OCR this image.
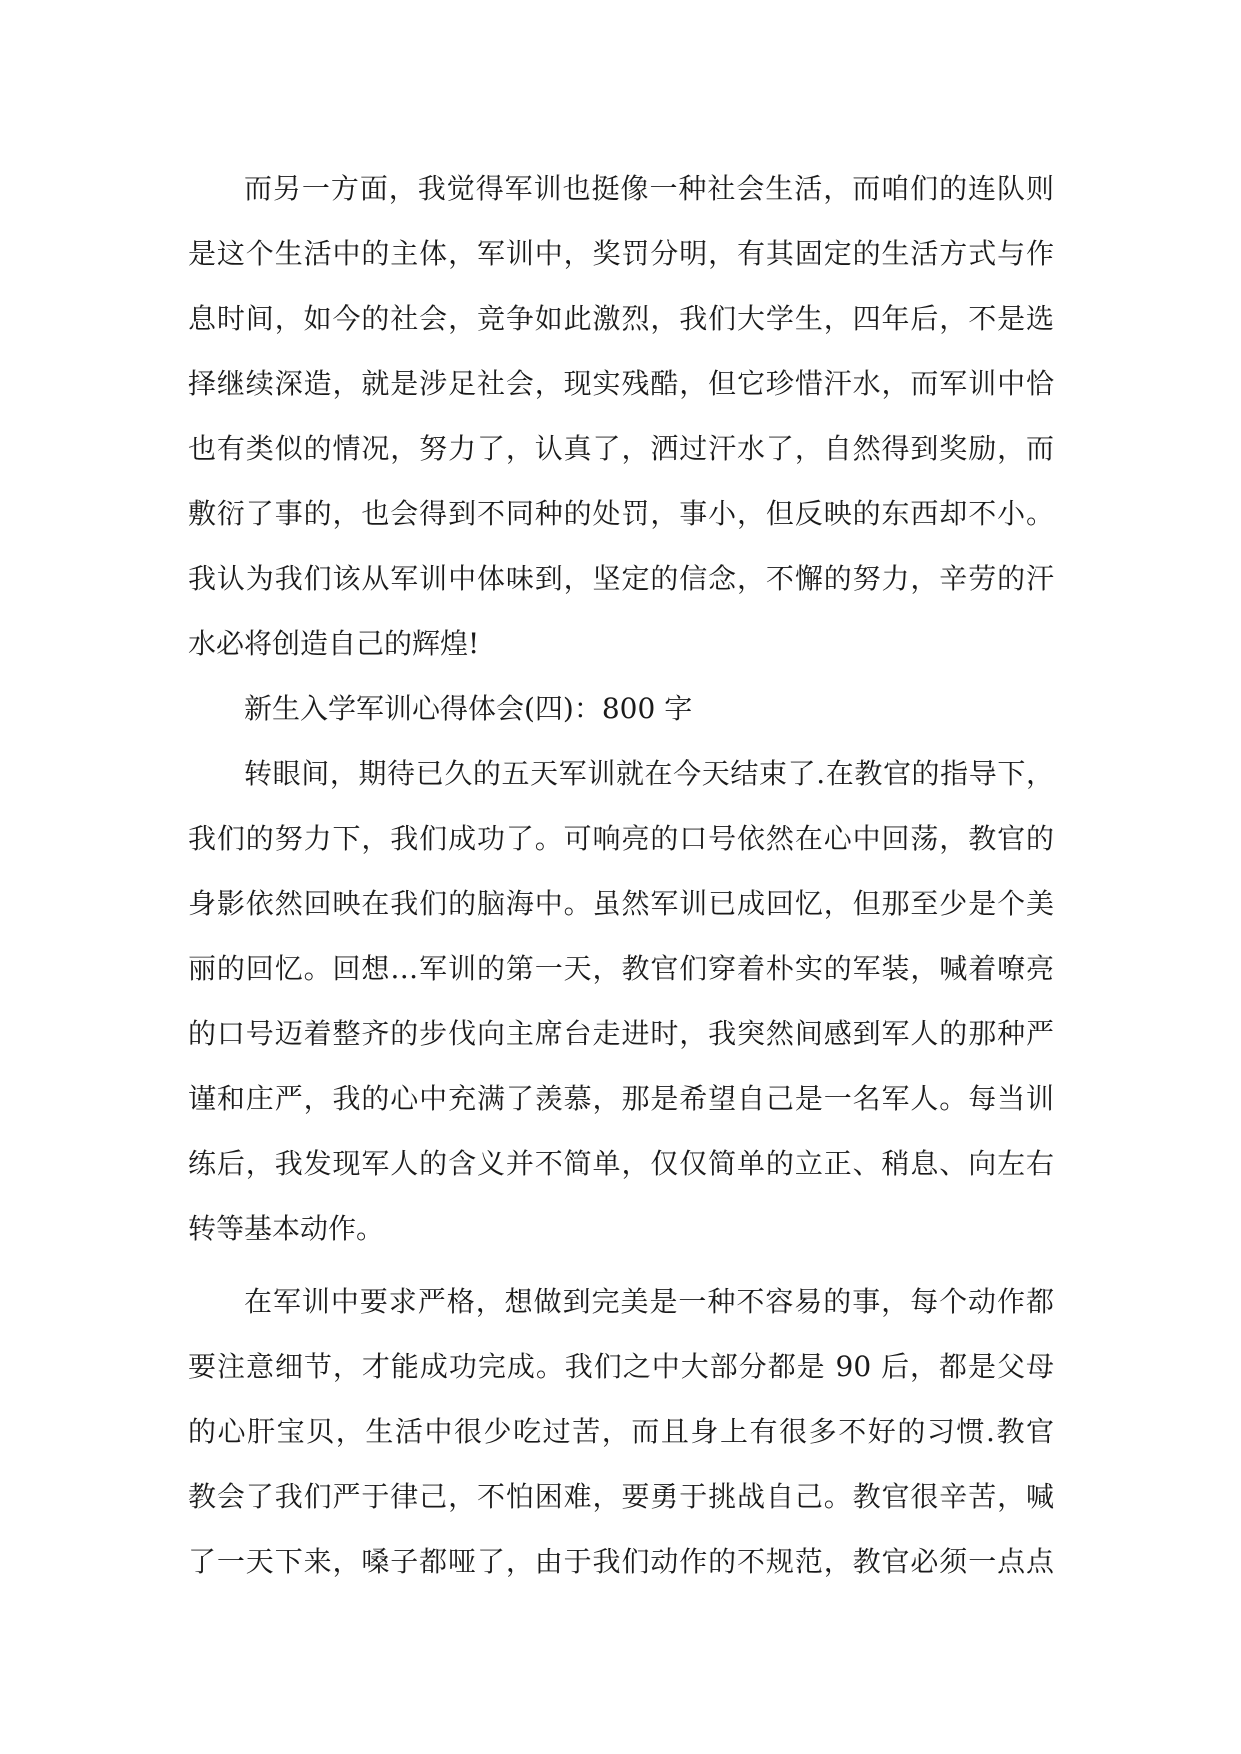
而另一方面，我觉得军训也挺像一种社会生活，而咱们的连队则
是这个生活中的主体，军训中，奖罚分明，有其固定的生活方式与作
息时间，如今的社会，竞争如此激烈，我们大学生，四年后，不是选
择继续深造，就是涉足社会，现实残酷，但它珍惜汗水，而军训中恰
也有类似的情况，努力了，认真了，洒过汗水了，自然得到奖励，而
敷衍了事的，也会得到不同种的处罚，事小，但反映的东西却不小。
我认为我们该从军训中体味到，坚定的信念，不懈的努力，辛劳的汗
水必将创造自己的辉煌!
新生入学军训心得体会(四)：800 字
转眼间，期待已久的五天军训就在今天结束了.在教官的指导下，
我们的努力下，我们成功了。可响亮的口号依然在心中回荡，教官的
身影依然回映在我们的脑海中。虽然军训已成回忆，但那至少是个美
丽的回忆。回想…军训的第一天，教官们穿着朴实的军装，喊着嘹亮
的口号迈着整齐的步伐向主席台走进时，我突然间感到军人的那种严
谨和庄严，我的心中充满了羡慕，那是希望自己是一名军人。每当训
练后，我发现军人的含义并不简单，仅仅简单的立正、稍息、向左右
转等基本动作。
在军训中要求严格，想做到完美是一种不容易的事，每个动作都
要注意细节，才能成功完成。我们之中大部分都是 90 后，都是父母
的心肝宝贝，生活中很少吃过苦，而且身上有很多不好的习惯.教官
教会了我们严于律己，不怕困难，要勇于挑战自己。教官很辛苦，喊
了一天下来，嗓子都哑了，由于我们动作的不规范，教官必须一点点
